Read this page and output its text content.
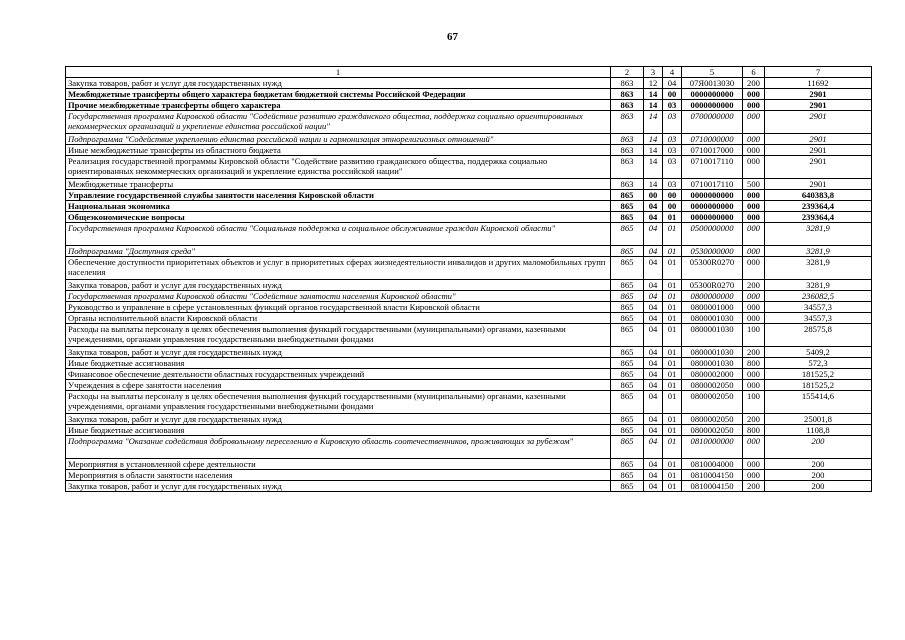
67
1	2	3	4	5	6	7
Закупка товаров, работ и услуг для государственных нужд	863	12	04	07Я0013030	200	11692
Межбюджетные трансферты общего характера бюджетам бюджетной системы Российской Федерации	863	14	00	0000000000	000	2901
Прочие межбюджетные трансферты общего характера	863	14	03	0000000000	000	2901
Государственная программа Кировской области "Содействие развитию гражданского общества, поддержка социально ориентированных некоммерческих организаций и укрепление единства российской нации"	863	14	03	0700000000	000	2901
Подпрограмма "Содействие укреплению единства российской нации и гармонизация этнорелигиозных отношений"	863	14	03	0710000000	000	2901
Иные межбюджетные трансферты из областного бюджета	863	14	03	0710017000	000	2901
Реализация государственной программы Кировской области "Содействие развитию гражданского общества, поддержка социально ориентированных некоммерческих организаций и укрепление единства российской нации"	863	14	03	0710017110	000	2901
Межбюджетные трансферты	863	14	03	0710017110	500	2901
Управление государственной службы занятости населения Кировской области	865	00	00	0000000000	000	640383,8
Национальная экономика	865	04	00	0000000000	000	239364,4
Общеэкономические вопросы	865	04	01	0000000000	000	239364,4
Государственная программа Кировской области "Социальная поддержка и социальное обслуживание граждан Кировской области"	865	04	01	0500000000	000	3281,9
Подпрограмма "Доступная среда"	865	04	01	0530000000	000	3281,9
Обеспечение доступности приоритетных объектов и услуг в приоритетных сферах жизнедеятельности инвалидов и других маломобильных групп населения	865	04	01	05300R0270	000	3281,9
Закупка товаров, работ и услуг для государственных нужд	865	04	01	05300R0270	200	3281,9
Государственная программа Кировской области "Содействие занятости населения Кировской области"	865	04	01	0800000000	000	236082,5
Руководство и управление в сфере установленных функций органов государственной власти Кировской области	865	04	01	0800001000	000	34557,3
Органы исполнительной власти Кировской области	865	04	01	0800001030	000	34557,3
Расходы на выплаты персоналу в целях обеспечения выполнения функций государственными (муниципальными) органами, казенными учреждениями, органами управления государственными внебюджетными фондами	865	04	01	0800001030	100	28575,8
Закупка товаров, работ и услуг для государственных нужд	865	04	01	0800001030	200	5409,2
Иные бюджетные ассигнования	865	04	01	0800001030	800	572,3
Финансовое обеспечение деятельности областных государственных учреждений	865	04	01	0800002000	000	181525,2
Учреждения в сфере занятости населения	865	04	01	0800002050	000	181525,2
Расходы на выплаты персоналу в целях обеспечения выполнения функций государственными (муниципальными) органами, казенными учреждениями, органами управления государственными внебюджетными фондами	865	04	01	0800002050	100	155414,6
Закупка товаров, работ и услуг для государственных нужд	865	04	01	0800002050	200	25001,8
Иные бюджетные ассигнования	865	04	01	0800002050	800	1108,8
Подпрограмма "Оказание содействия добровольному переселению в Кировскую область соотечественников, проживающих за рубежом"	865	04	01	0810000000	000	200
Мероприятия в установленной сфере деятельности	865	04	01	0810004000	000	200
Мероприятия в области занятости населения	865	04	01	0810004150	000	200
Закупка товаров, работ и услуг для государственных нужд	865	04	01	0810004150	200	200
